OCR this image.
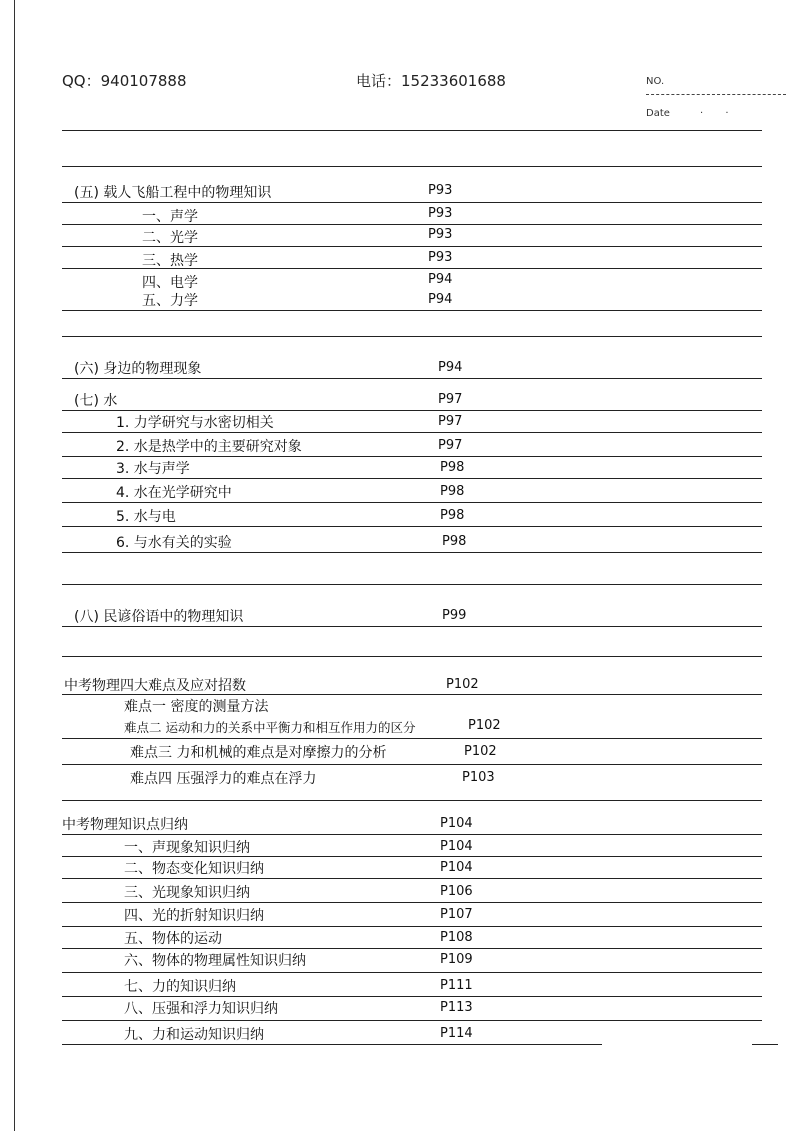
QQ：940107888	电话：15233601688	NO.
Date	·       ·
(五) 载人飞船工程中的物理知识	P93
一、声学	P93
二、光学	P93
三、热学	P93
四、电学	P94
五、力学	P94
(六) 身边的物理现象	P94
(七) 水	P97
1. 力学研究与水密切相关	P97
2. 水是热学中的主要研究对象	P97
3. 水与声学	P98
4. 水在光学研究中	P98
5. 水与电	P98
6. 与水有关的实验	P98
(八) 民谚俗语中的物理知识	P99
中考物理四大难点及应对招数	P102
难点一 密度的测量方法
难点二 运动和力的关系中平衡力和相互作用力的区分	P102
难点三 力和机械的难点是对摩擦力的分析	P102
难点四 压强浮力的难点在浮力	P103
中考物理知识点归纳	P104
一、声现象知识归纳	P104
二、物态变化知识归纳	P104
三、光现象知识归纳	P106
四、光的折射知识归纳	P107
五、物体的运动	P108
六、物体的物理属性知识归纳	P109
七、力的知识归纳	P111
八、压强和浮力知识归纳	P113
九、力和运动知识归纳	P114
